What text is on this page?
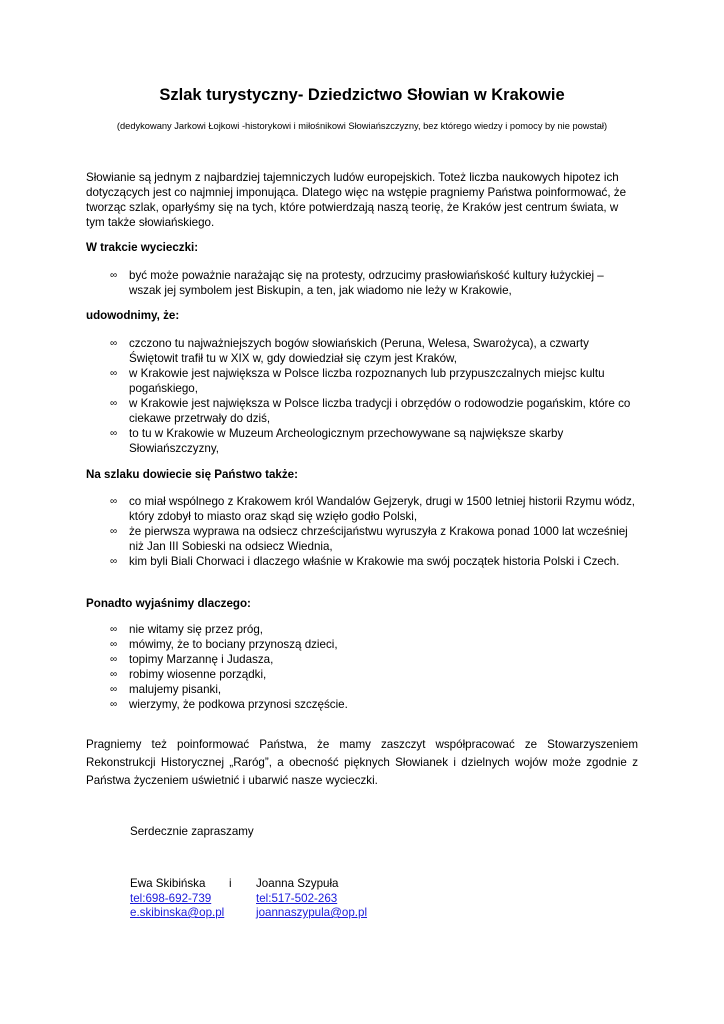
Szlak turystyczny- Dziedzictwo Słowian w Krakowie

(dedykowany Jarkowi Łojkowi -historykowi i miłośnikowi Słowiańszczyzny, bez którego wiedzy i pomocy by nie powstał)

Słowianie są jednym z najbardziej tajemniczych ludów europejskich. Toteż liczba naukowych hipotez ich dotyczących jest co najmniej imponująca. Dlatego więc na wstępie pragniemy Państwa poinformować, że tworząc szlak, oparłyśmy się na tych, które potwierdzają naszą teorię, że Kraków jest centrum świata, w tym także słowiańskiego.

W trakcie wycieczki:

∞	być może poważnie narażając się na protesty, odrzucimy prasłowiańskość kultury łużyckiej – wszak jej symbolem jest Biskupin, a ten, jak wiadomo nie leży w Krakowie,

udowodnimy, że:

∞	czczono tu najważniejszych bogów słowiańskich (Peruna, Welesa, Swarożyca), a czwarty Świętowit trafił tu w XIX w, gdy dowiedział się czym jest Kraków,
∞	w Krakowie jest największa w Polsce liczba rozpoznanych lub przypuszczalnych miejsc kultu pogańskiego,
∞	w Krakowie jest największa w Polsce liczba tradycji i obrzędów o rodowodzie pogańskim, które co ciekawe przetrwały do dziś,
∞	to tu w Krakowie w Muzeum Archeologicznym przechowywane są największe skarby Słowiańszczyzny,

Na szlaku dowiecie się Państwo także:

∞	co miał wspólnego z Krakowem król Wandalów Gejzeryk, drugi w 1500 letniej historii Rzymu wódz, który zdobył to miasto oraz skąd się wzięło godło Polski,
∞	że pierwsza wyprawa na odsiecz chrześcijaństwu wyruszyła z Krakowa ponad 1000 lat wcześniej niż Jan III Sobieski na odsiecz Wiednia,
∞	kim byli Biali Chorwaci i dlaczego właśnie w Krakowie ma swój początek historia Polski i Czech.

Ponadto wyjaśnimy dlaczego:

∞	nie witamy się przez próg,
∞	mówimy, że to bociany przynoszą dzieci,
∞	topimy Marzannę i Judasza,
∞	robimy wiosenne porządki,
∞	malujemy pisanki,
∞	wierzymy, że podkowa przynosi szczęście.

Pragniemy też poinformować Państwa, że mamy zaszczyt współpracować ze Stowarzyszeniem Rekonstrukcji Historycznej „Raróg”, a obecność pięknych Słowianek i dzielnych wojów może zgodnie z Państwa życzeniem uświetnić i ubarwić nasze wycieczki.

Serdecznie zapraszamy

Ewa Skibińska i Joanna Szypuła
tel:698-692-739	tel:517-502-263
e.skibinska@op.pl	joannaszypula@op.pl
